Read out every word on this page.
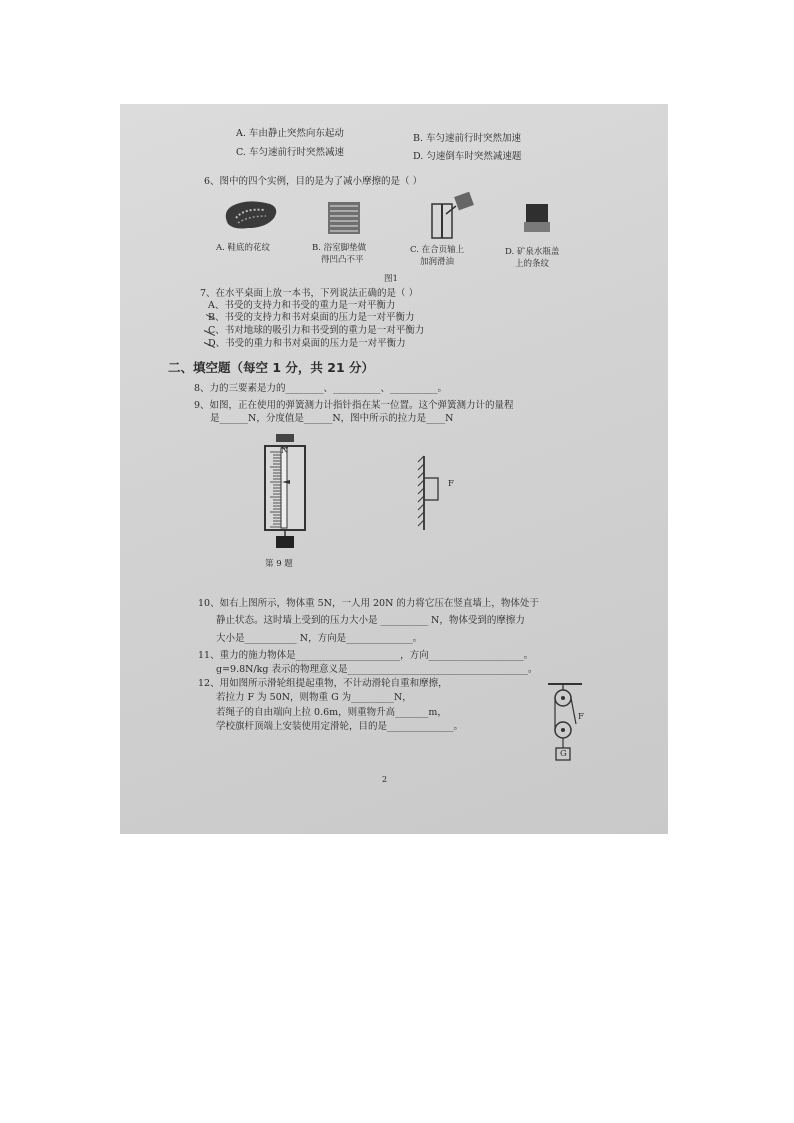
A. 车由静止突然向东起动	B. 车匀速前行时突然加速
C. 车匀速前行时突然减速	D. 匀速倒车时突然减速题
6、图中的四个实例，目的是为了减小摩擦的是（ ）
A. 鞋底的花纹	B. 浴室脚垫做
得凹凸不平
C. 在合页轴上
加润滑油
D. 矿泉水瓶盖
上的条纹
图1
7、在水平桌面上放一本书，下列说法正确的是（ ）
A、书受的支持力和书受的重力是一对平衡力
B、书受的支持力和书对桌面的压力是一对平衡力
C、书对地球的吸引力和书受到的重力是一对平衡力
D、书受的重力和书对桌面的压力是一对平衡力
二、填空题（每空 1 分，共 21 分）
8、力的三要素是力的________、__________、__________。
9、如图，正在使用的弹簧测力计指针指在某一位置。这个弹簧测力计的量程
是______N，分度值是______N，图中所示的拉力是____N
N
第 9 题
F
10、如右上图所示，物体重 5N，一人用 20N 的力将它压在竖直墙上，物体处于
静止状态。这时墙上受到的压力大小是 __________ N，物体受到的摩擦力
大小是___________ N，方向是______________。
11、重力的施力物体是______________________，方向____________________。
g=9.8N/kg 表示的物理意义是______________________________________。
12、用如图所示滑轮组提起重物，不计动滑轮自重和摩擦，
若拉力 F 为 50N，则物重 G 为_________N，
若绳子的自由端向上拉 0.6m，则重物升高_______m，
学校旗杆顶端上安装使用定滑轮，目的是______________。
F
G
2
